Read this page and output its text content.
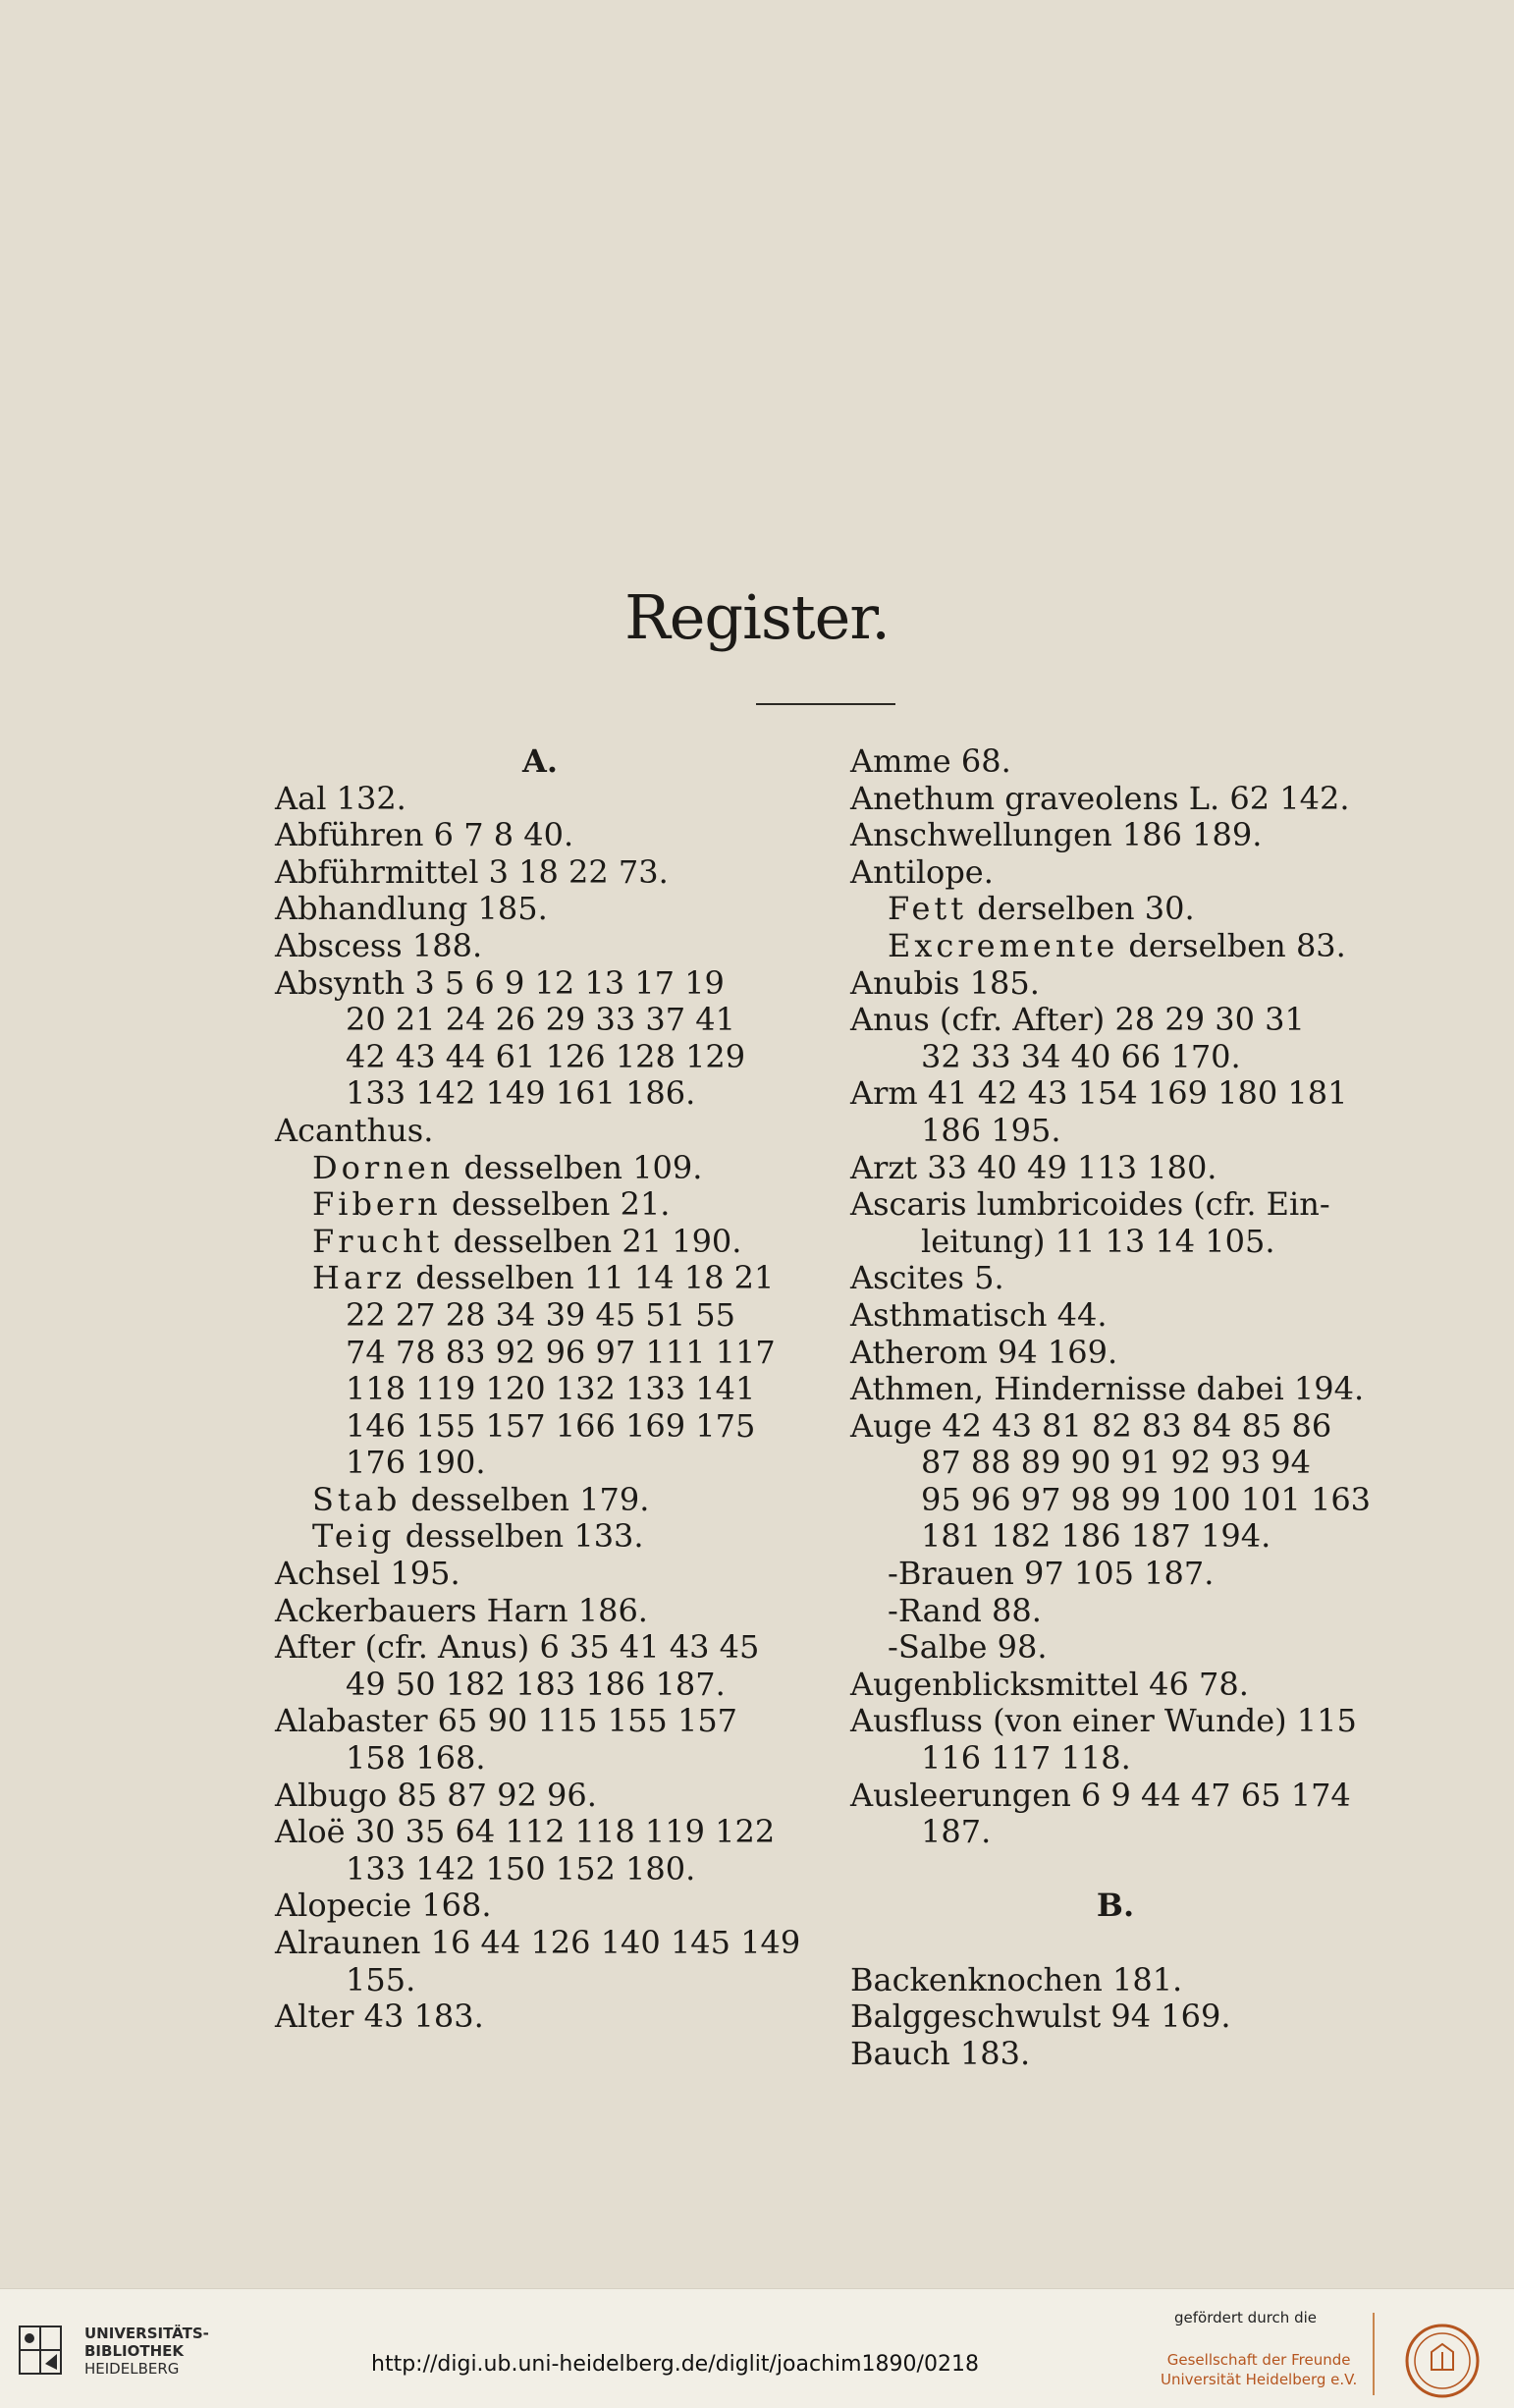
Register.
A.
Aal 132.
Abführen 6 7 8 40.
Abführmittel 3 18 22 73.
Abhandlung 185.
Abscess 188.
Absynth 3 5 6 9 12 13 17 19
20 21 24 26 29 33 37 41
42 43 44 61 126 128 129
133 142 149 161 186.
Acanthus.
Dornen desselben 109.
Fibern desselben 21.
Frucht desselben 21 190.
Harz desselben 11 14 18 21
22 27 28 34 39 45 51 55
74 78 83 92 96 97 111 117
118 119 120 132 133 141
146 155 157 166 169 175
176 190.
Stab desselben 179.
Teig desselben 133.
Achsel 195.
Ackerbauers Harn 186.
After (cfr. Anus) 6 35 41 43 45
49 50 182 183 186 187.
Alabaster 65 90 115 155 157
158 168.
Albugo 85 87 92 96.
Aloë 30 35 64 112 118 119 122
133 142 150 152 180.
Alopecie 168.
Alraunen 16 44 126 140 145 149
155.
Alter 43 183.
Amme 68.
Anethum graveolens L. 62 142.
Anschwellungen 186 189.
Antilope.
Fett derselben 30.
Excremente derselben 83.
Anubis 185.
Anus (cfr. After) 28 29 30 31
32 33 34 40 66 170.
Arm 41 42 43 154 169 180 181
186 195.
Arzt 33 40 49 113 180.
Ascaris lumbricoides (cfr. Ein-
leitung) 11 13 14 105.
Ascites 5.
Asthmatisch 44.
Atherom 94 169.
Athmen, Hindernisse dabei 194.
Auge 42 43 81 82 83 84 85 86
87 88 89 90 91 92 93 94
95 96 97 98 99 100 101 163
181 182 186 187 194.
-Brauen 97 105 187.
-Rand 88.
-Salbe 98.
Augenblicksmittel 46 78.
Ausfluss (von einer Wunde) 115
116 117 118.
Ausleerungen 6 9 44 47 65 174
187.

B.

Backenknochen 181.
Balggeschwulst 94 169.
Bauch 183.
UNIVERSITÄTS-
BIBLIOTHEK
HEIDELBERG	http://digi.ub.uni-heidelberg.de/diglit/joachim1890/0218
gefördert durch die
Gesellschaft der Freunde
Universität Heidelberg e.V.
